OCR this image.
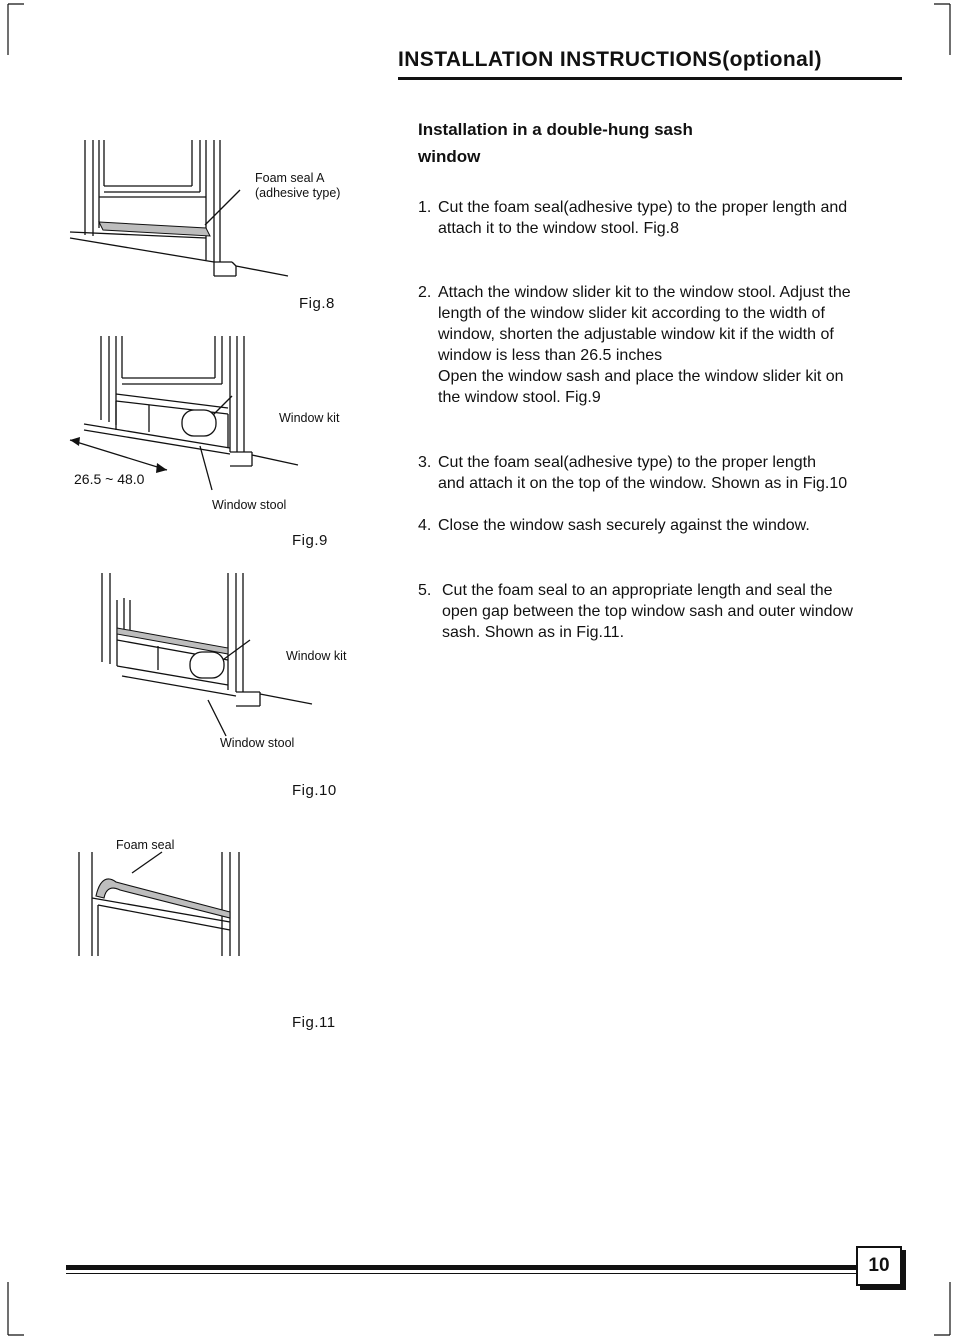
INSTALLATION INSTRUCTIONS(optional)
Installation in a double-hung sash
window
1. Cut the foam seal(adhesive type) to the proper length and
attach it to the window stool. Fig.8
2. Attach the window slider kit to the window stool. Adjust the
length of the window slider kit according to the width of
window, shorten the adjustable window kit if the width of
window is less than 26.5 inches
Open the window sash and place the window slider kit on
the window stool. Fig.9
3. Cut the foam seal(adhesive type) to the proper length
and attach it on the top of the window. Shown as in Fig.10
4. Close the window sash securely against the window.
5. Cut the foam seal to an appropriate length and seal the
open gap between the top window sash and outer window
sash. Shown as in Fig.11.
Foam seal A
(adhesive type)
Fig.8
Window kit
Window stool
26.5 ~ 48.0
Fig.9
Window kit
Window stool
Fig.10
Foam seal
Fig.11
10
